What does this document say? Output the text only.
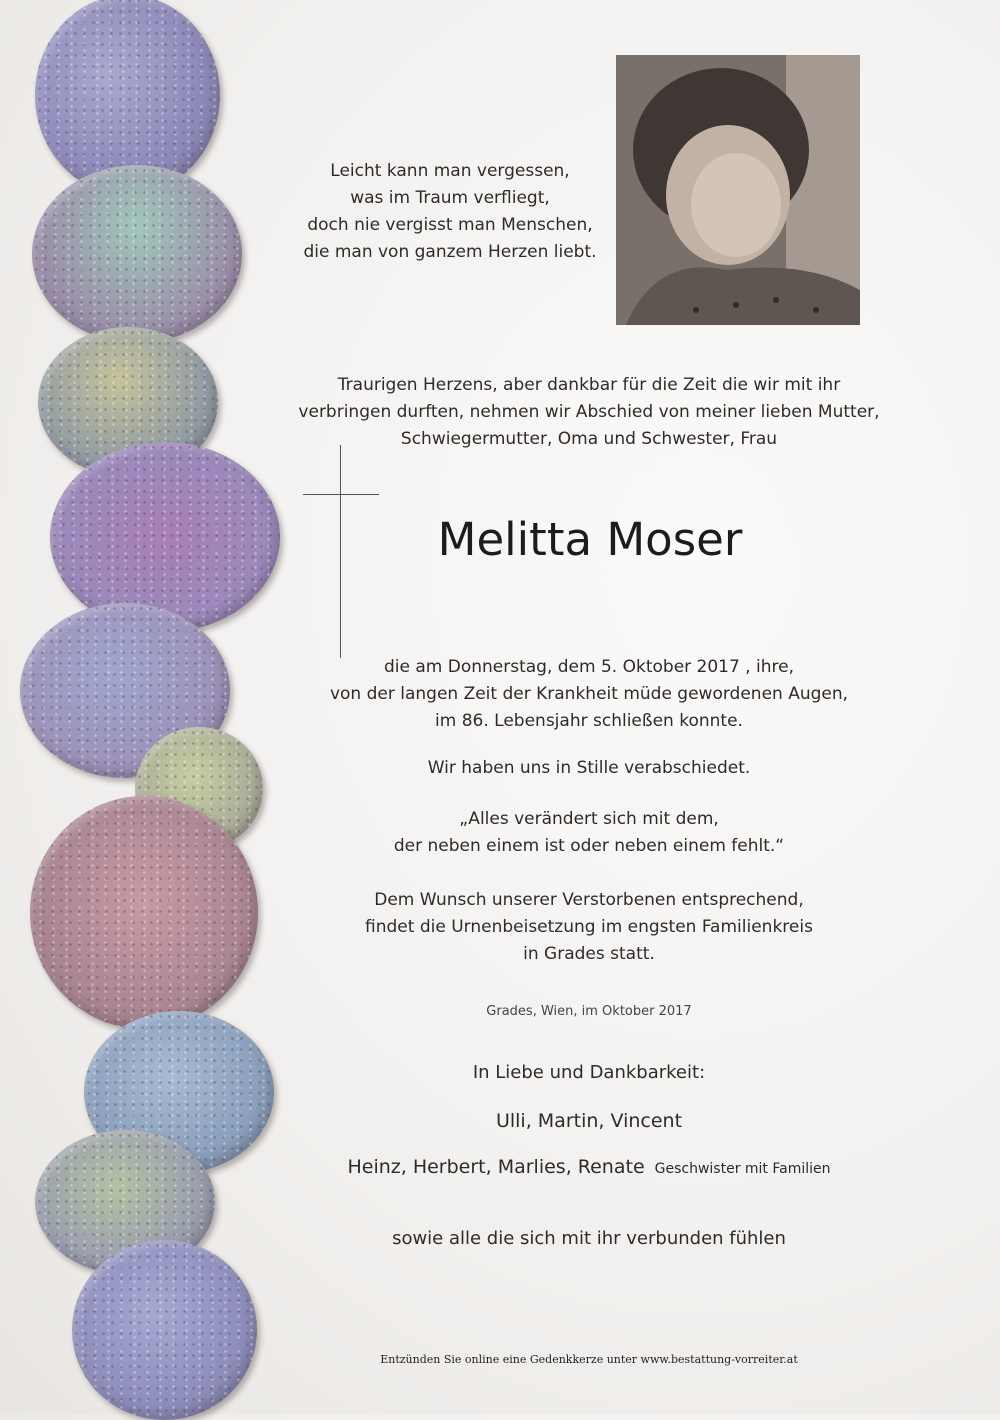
Leicht kann man vergessen,
was im Traum verfliegt,
doch nie vergisst man Menschen,
die man von ganzem Herzen liebt.
Traurigen Herzens, aber dankbar für die Zeit die wir mit ihr
verbringen durften, nehmen wir Abschied von meiner lieben Mutter,
Schwiegermutter, Oma und Schwester, Frau
Melitta Moser
die am Donnerstag, dem 5. Oktober 2017 , ihre,
von der langen Zeit der Krankheit müde gewordenen Augen,
im 86. Lebensjahr schließen konnte.
Wir haben uns in Stille verabschiedet.
„Alles verändert sich mit dem,
der neben einem ist oder neben einem fehlt.“
Dem Wunsch unserer Verstorbenen entsprechend,
findet die Urnenbeisetzung im engsten Familienkreis
in Grades statt.
Grades, Wien, im Oktober 2017
In Liebe und Dankbarkeit:
Ulli, Martin, Vincent
Heinz, Herbert, Marlies, Renate Geschwister mit Familien
sowie alle die sich mit ihr verbunden fühlen
Entzünden Sie online eine Gedenkkerze unter www.bestattung-vorreiter.at
